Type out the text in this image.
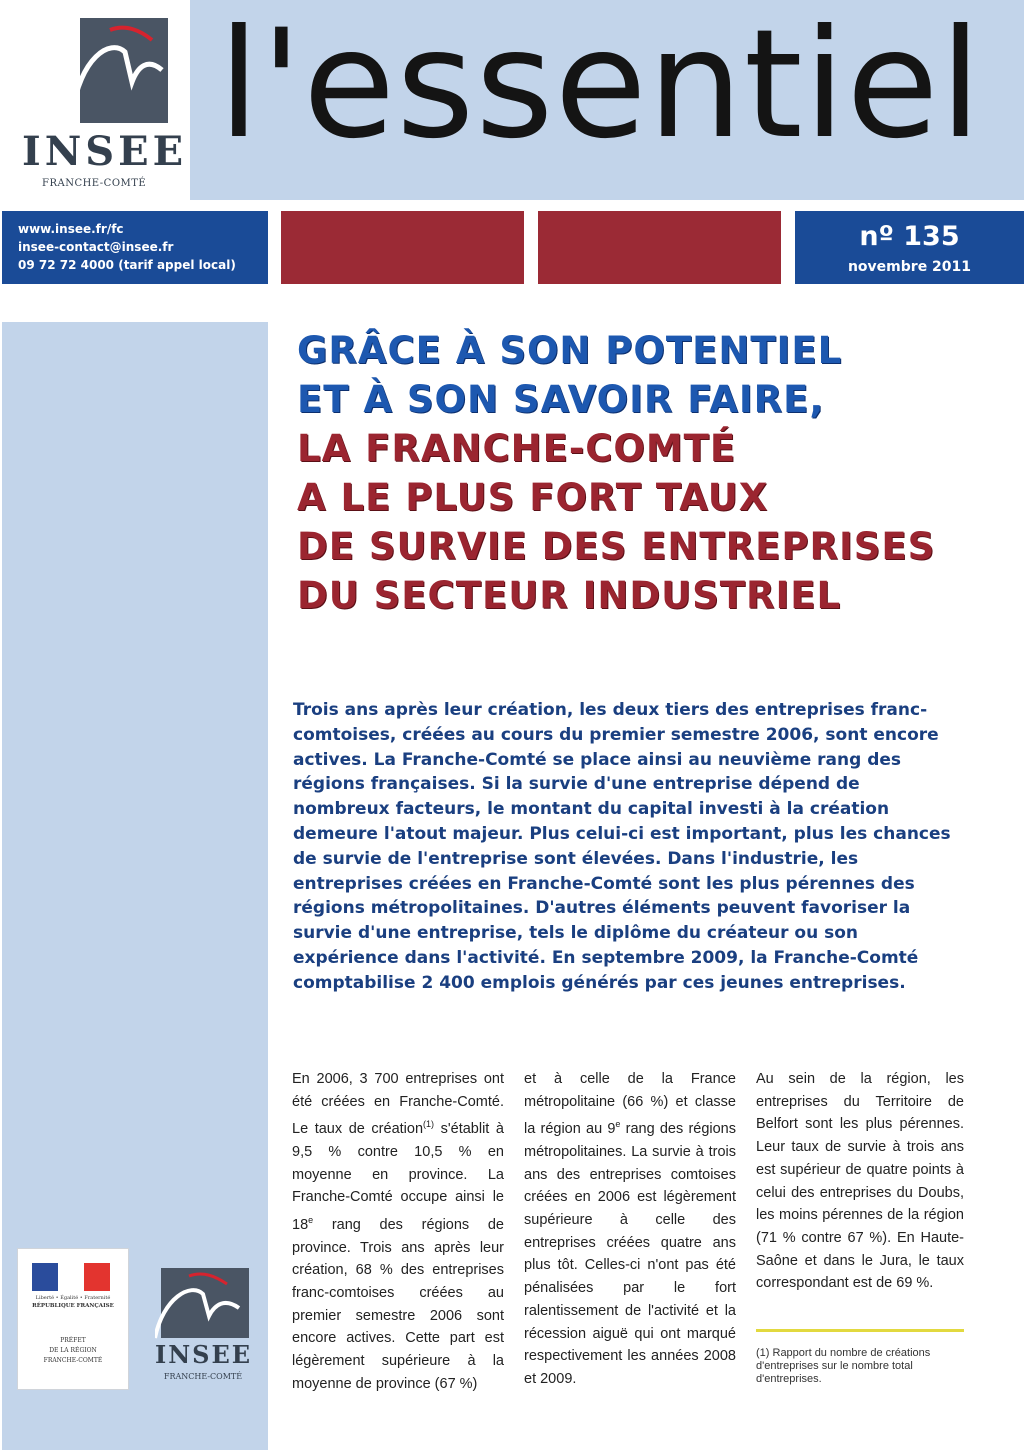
l'essentiel
INSEE
FRANCHE-COMTÉ
www.insee.fr/fc
insee-contact@insee.fr
09 72 72 4000 (tarif appel local)
nº 135
novembre 2011
Liberté • Égalité • Fraternité
RÉPUBLIQUE FRANÇAISE
PRÉFET
DE LA RÉGION
FRANCHE-COMTÉ	INSEE
FRANCHE-COMTÉ
GRÂCE À SON POTENTIEL
ET À SON SAVOIR FAIRE,
LA FRANCHE-COMTÉ
A LE PLUS FORT TAUX
DE SURVIE DES ENTREPRISES
DU SECTEUR INDUSTRIEL
Trois ans après leur création, les deux tiers des entreprises franc-comtoises, créées au cours du premier semestre 2006, sont encore actives. La Franche-Comté se place ainsi au neuvième rang des régions françaises. Si la survie d'une entreprise dépend de nombreux facteurs, le montant du capital investi à la création demeure l'atout majeur. Plus celui-ci est important, plus les chances de survie de l'entreprise sont élevées. Dans l'industrie, les entreprises créées en Franche-Comté sont les plus pérennes des régions métropolitaines. D'autres éléments peuvent favoriser la survie d'une entreprise, tels le diplôme du créateur ou son expérience dans l'activité. En septembre 2009, la Franche-Comté comptabilise 2 400 emplois générés par ces jeunes entreprises.
En 2006, 3 700 entreprises ont été créées en Franche-Comté. Le taux de création$^{(1)}$ s'établit à 9,5 % contre 10,5 % en moyenne en province. La Franche-Comté occupe ainsi le 18e rang des régions de province. Trois ans après leur création, 68 % des entreprises franc-comtoises créées au premier semestre 2006 sont encore actives. Cette part est légèrement supérieure à la moyenne de province (67 %)
et à celle de la France métropolitaine (66 %) et classe la région au 9e rang des régions métropolitaines. La survie à trois ans des entreprises comtoises créées en 2006 est légèrement supérieure à celle des entreprises créées quatre ans plus tôt. Celles-ci n'ont pas été pénalisées par le fort ralentissement de l'activité et la récession aiguë qui ont marqué respectivement les années 2008 et 2009.
Au sein de la région, les entreprises du Territoire de Belfort sont les plus pérennes. Leur taux de survie à trois ans est supérieur de quatre points à celui des entreprises du Doubs, les moins pérennes de la région (71 % contre 67 %). En Haute-Saône et dans le Jura, le taux correspondant est de 69 %.
(1) Rapport du nombre de créations d'entreprises sur le nombre total d'entreprises.
